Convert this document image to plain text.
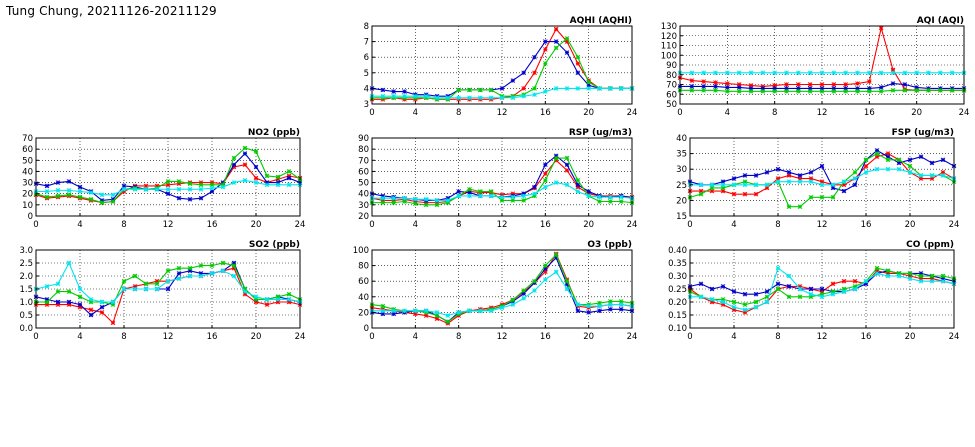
Tung Chung, 20211126-20211129
0	4	8	12	16	20	24
3
4
5
6
7
8
AQHI (AQHI)
0	4	8	12	16	20	24
50
60
70
80
90
100
110
120
130
AQI (AQI)
0	4	8	12	16	20	24
0
10
20
30
40
50
60
70
NO2 (ppb)
0	4	8	12	16	20	24
20
30
40
50
60
70
80
90
RSP (ug/m3)
0	4	8	12	16	20	24
15
20
25
30
35
40
FSP (ug/m3)
0	4	8	12	16	20	24
0.0
0.5
1.0
1.5
2.0
2.5
3.0
SO2 (ppb)
0	4	8	12	16	20	24
0
20
40
60
80
100
O3 (ppb)
0	4	8	12	16	20	24
0.10
0.15
0.20
0.25
0.30
0.35
0.40
CO (ppm)
